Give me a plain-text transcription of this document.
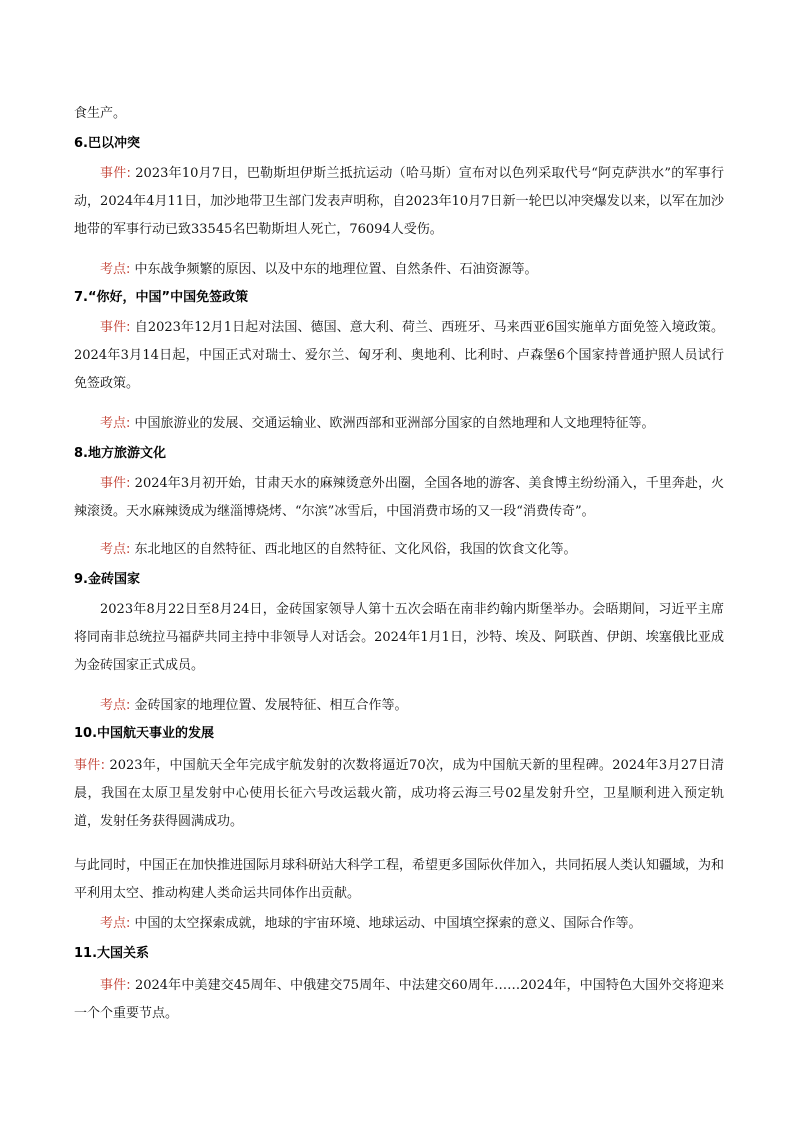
食生产。
6.巴以冲突
事件: 2023年10月7日，巴勒斯坦伊斯兰抵抗运动（哈马斯）宣布对以色列采取代号“阿克萨洪水”的军事行动，2024年4月11日，加沙地带卫生部门发表声明称，自2023年10月7日新一轮巴以冲突爆发以来，以军在加沙地带的军事行动已致33545名巴勒斯坦人死亡，76094人受伤。
考点: 中东战争频繁的原因、以及中东的地理位置、自然条件、石油资源等。
7.“你好，中国”中国免签政策
事件: 自2023年12月1日起对法国、德国、意大利、荷兰、西班牙、马来西亚6国实施单方面免签入境政策。2024年3月14日起，中国正式对瑞士、爱尔兰、匈牙利、奥地利、比利时、卢森堡6个国家持普通护照人员试行免签政策。
考点: 中国旅游业的发展、交通运输业、欧洲西部和亚洲部分国家的自然地理和人文地理特征等。
8.地方旅游文化
事件: 2024年3月初开始，甘肃天水的麻辣烫意外出圈，全国各地的游客、美食博主纷纷涌入，千里奔赴，火辣滚烫。天水麻辣烫成为继淄博烧烤、“尔滨”冰雪后，中国消费市场的又一段“消费传奇”。
考点: 东北地区的自然特征、西北地区的自然特征、文化风俗，我国的饮食文化等。
9.金砖国家
2023年8月22日至8月24日，金砖国家领导人第十五次会晤在南非约翰内斯堡举办。会晤期间，习近平主席将同南非总统拉马福萨共同主持中非领导人对话会。2024年1月1日，沙特、埃及、阿联酋、伊朗、埃塞俄比亚成为金砖国家正式成员。
考点: 金砖国家的地理位置、发展特征、相互合作等。
10.中国航天事业的发展
事件: 2023年，中国航天全年完成宇航发射的次数将逼近70次，成为中国航天新的里程碑。2024年3月27日清晨，我国在太原卫星发射中心使用长征六号改运载火箭，成功将云海三号02星发射升空，卫星顺利进入预定轨道，发射任务获得圆满成功。
与此同时，中国正在加快推进国际月球科研站大科学工程，希望更多国际伙伴加入，共同拓展人类认知疆域，为和平利用太空、推动构建人类命运共同体作出贡献。
考点: 中国的太空探索成就，地球的宇宙环境、地球运动、中国填空探索的意义、国际合作等。
11.大国关系
事件: 2024年中美建交45周年、中俄建交75周年、中法建交60周年……2024年，中国特色大国外交将迎来一个个重要节点。
